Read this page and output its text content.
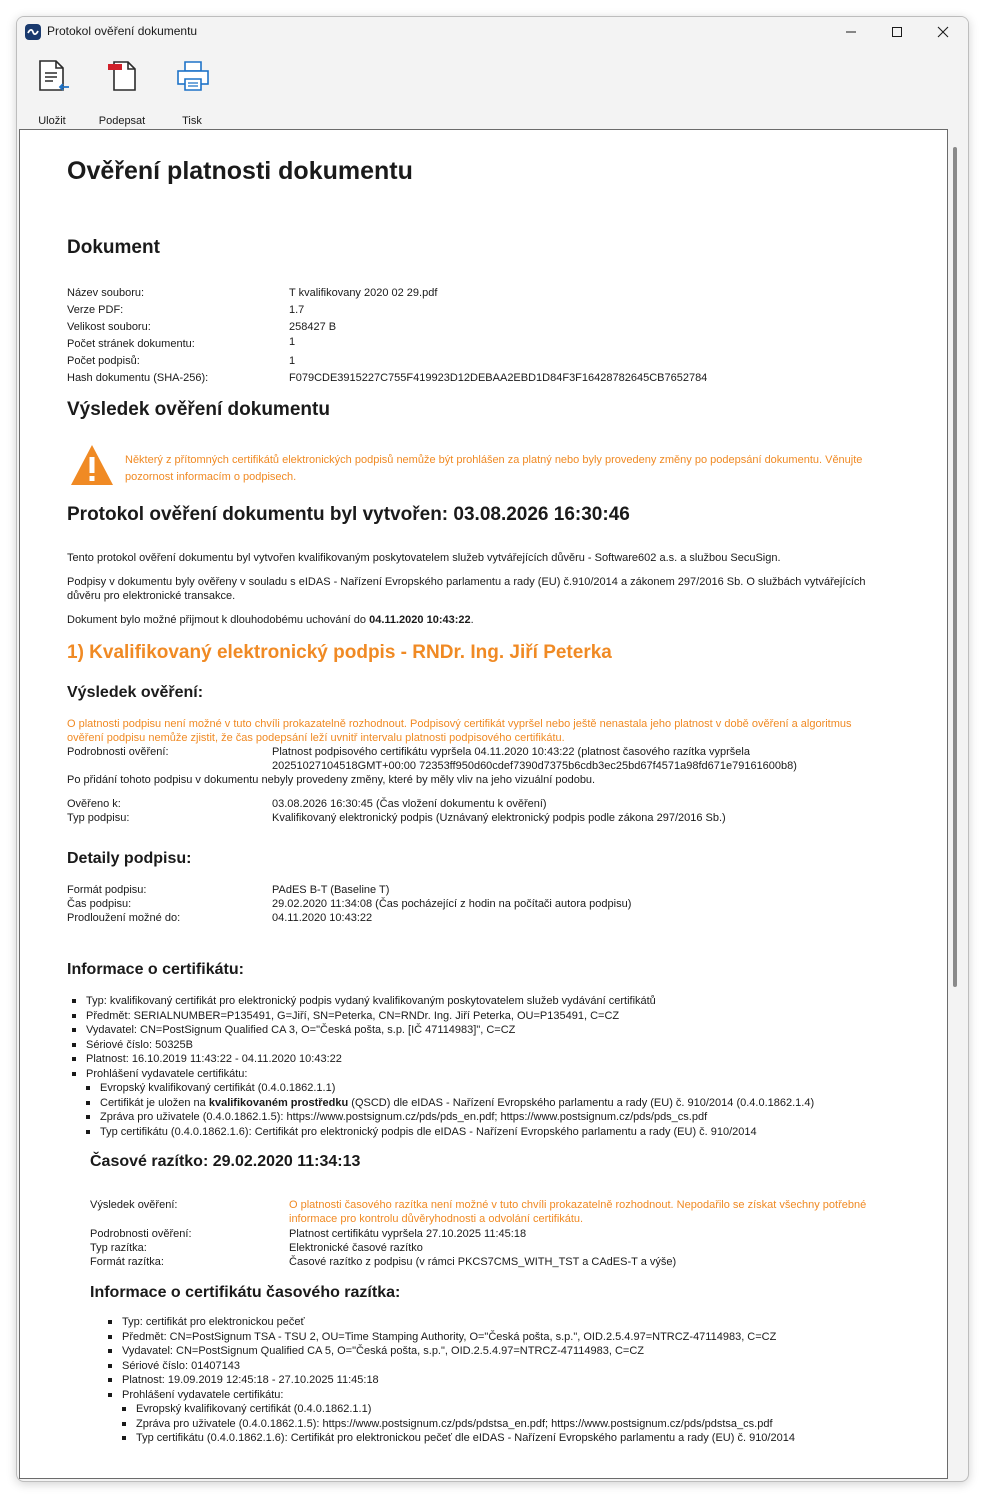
Protokol ověření dokumentu
Uložit	Podepsat	Tisk
Ověření platnosti dokumentu
Dokument
Název souboru:	T kvalifikovany 2020 02 29.pdf
Verze PDF:	1.7
Velikost souboru:	258427 B
Počet stránek dokumentu:	1
Počet podpisů:	1
Hash dokumentu (SHA-256):	F079CDE3915227C755F419923D12DEBAA2EBD1D84F3F16428782645CB7652784
Výsledek ověření dokumentu
Některý z přítomných certifikátů elektronických podpisů nemůže být prohlášen za platný nebo byly provedeny změny po podepsání dokumentu. Věnujte
pozornost informacím o podpisech.
Protokol ověření dokumentu byl vytvořen: 03.08.2026 16:30:46
Tento protokol ověření dokumentu byl vytvořen kvalifikovaným poskytovatelem služeb vytvářejících důvěru - Software602 a.s. a službou SecuSign.
Podpisy v dokumentu byly ověřeny v souladu s eIDAS - Nařízení Evropského parlamentu a rady (EU) č.910/2014 a zákonem 297/2016 Sb. O službách vytvářejících
důvěru pro elektronické transakce.
Dokument bylo možné přijmout k dlouhodobému uchování do 04.11.2020 10:43:22.
1) Kvalifikovaný elektronický podpis - RNDr. Ing. Jiří Peterka
Výsledek ověření:
O platnosti podpisu není možné v tuto chvíli prokazatelně rozhodnout. Podpisový certifikát vypršel nebo ještě nenastala jeho platnost v době ověření a algoritmus
ověření podpisu nemůže zjistit, že čas podepsání leží uvnitř intervalu platnosti podpisového certifikátu.
Podrobnosti ověření:	Platnost podpisového certifikátu vypršela 04.11.2020 10:43:22 (platnost časového razítka vypršela
20251027104518GMT+00:00 72353ff950d60cdef7390d7375b6cdb3ec25bd67f4571a98fd671e79161600b8)
Po přidání tohoto podpisu v dokumentu nebyly provedeny změny, které by měly vliv na jeho vizuální podobu.
Ověřeno k:	03.08.2026 16:30:45 (Čas vložení dokumentu k ověření)
Typ podpisu:	Kvalifikovaný elektronický podpis (Uznávaný elektronický podpis podle zákona 297/2016 Sb.)
Detaily podpisu:
Formát podpisu:	PAdES B-T (Baseline T)
Čas podpisu:	29.02.2020 11:34:08 (Čas pocházející z hodin na počítači autora podpisu)
Prodloužení možné do:	04.11.2020 10:43:22
Informace o certifikátu:
Typ: kvalifikovaný certifikát pro elektronický podpis vydaný kvalifikovaným poskytovatelem služeb vydávání certifikátů
Předmět: SERIALNUMBER=P135491, G=Jiří, SN=Peterka, CN=RNDr. Ing. Jiří Peterka, OU=P135491, C=CZ
Vydavatel: CN=PostSignum Qualified CA 3, O="Česká pošta, s.p. [IČ 47114983]", C=CZ
Sériové číslo: 50325B
Platnost: 16.10.2019 11:43:22 - 04.11.2020 10:43:22
Prohlášení vydavatele certifikátu:
Evropský kvalifikovaný certifikát (0.4.0.1862.1.1)
Certifikát je uložen na kvalifikovaném prostředku (QSCD) dle eIDAS - Nařízení Evropského parlamentu a rady (EU) č. 910/2014 (0.4.0.1862.1.4)
Zpráva pro uživatele (0.4.0.1862.1.5): https://www.postsignum.cz/pds/pds_en.pdf; https://www.postsignum.cz/pds/pds_cs.pdf
Typ certifikátu (0.4.0.1862.1.6): Certifikát pro elektronický podpis dle eIDAS - Nařízení Evropského parlamentu a rady (EU) č. 910/2014
Časové razítko: 29.02.2020 11:34:13
Výsledek ověření:	O platnosti časového razítka není možné v tuto chvíli prokazatelně rozhodnout. Nepodařilo se získat všechny potřebné
informace pro kontrolu důvěryhodnosti a odvolání certifikátu.
Podrobnosti ověření:	Platnost certifikátu vypršela 27.10.2025 11:45:18
Typ razítka:	Elektronické časové razítko
Formát razítka:	Časové razítko z podpisu (v rámci PKCS7CMS_WITH_TST a CAdES-T a výše)
Informace o certifikátu časového razítka:
Typ: certifikát pro elektronickou pečeť
Předmět: CN=PostSignum TSA - TSU 2, OU=Time Stamping Authority, O="Česká pošta, s.p.", OID.2.5.4.97=NTRCZ-47114983, C=CZ
Vydavatel: CN=PostSignum Qualified CA 5, O="Česká pošta, s.p.", OID.2.5.4.97=NTRCZ-47114983, C=CZ
Sériové číslo: 01407143
Platnost: 19.09.2019 12:45:18 - 27.10.2025 11:45:18
Prohlášení vydavatele certifikátu:
Evropský kvalifikovaný certifikát (0.4.0.1862.1.1)
Zpráva pro uživatele (0.4.0.1862.1.5): https://www.postsignum.cz/pds/pdstsa_en.pdf; https://www.postsignum.cz/pds/pdstsa_cs.pdf
Typ certifikátu (0.4.0.1862.1.6): Certifikát pro elektronickou pečeť dle eIDAS - Nařízení Evropského parlamentu a rady (EU) č. 910/2014
